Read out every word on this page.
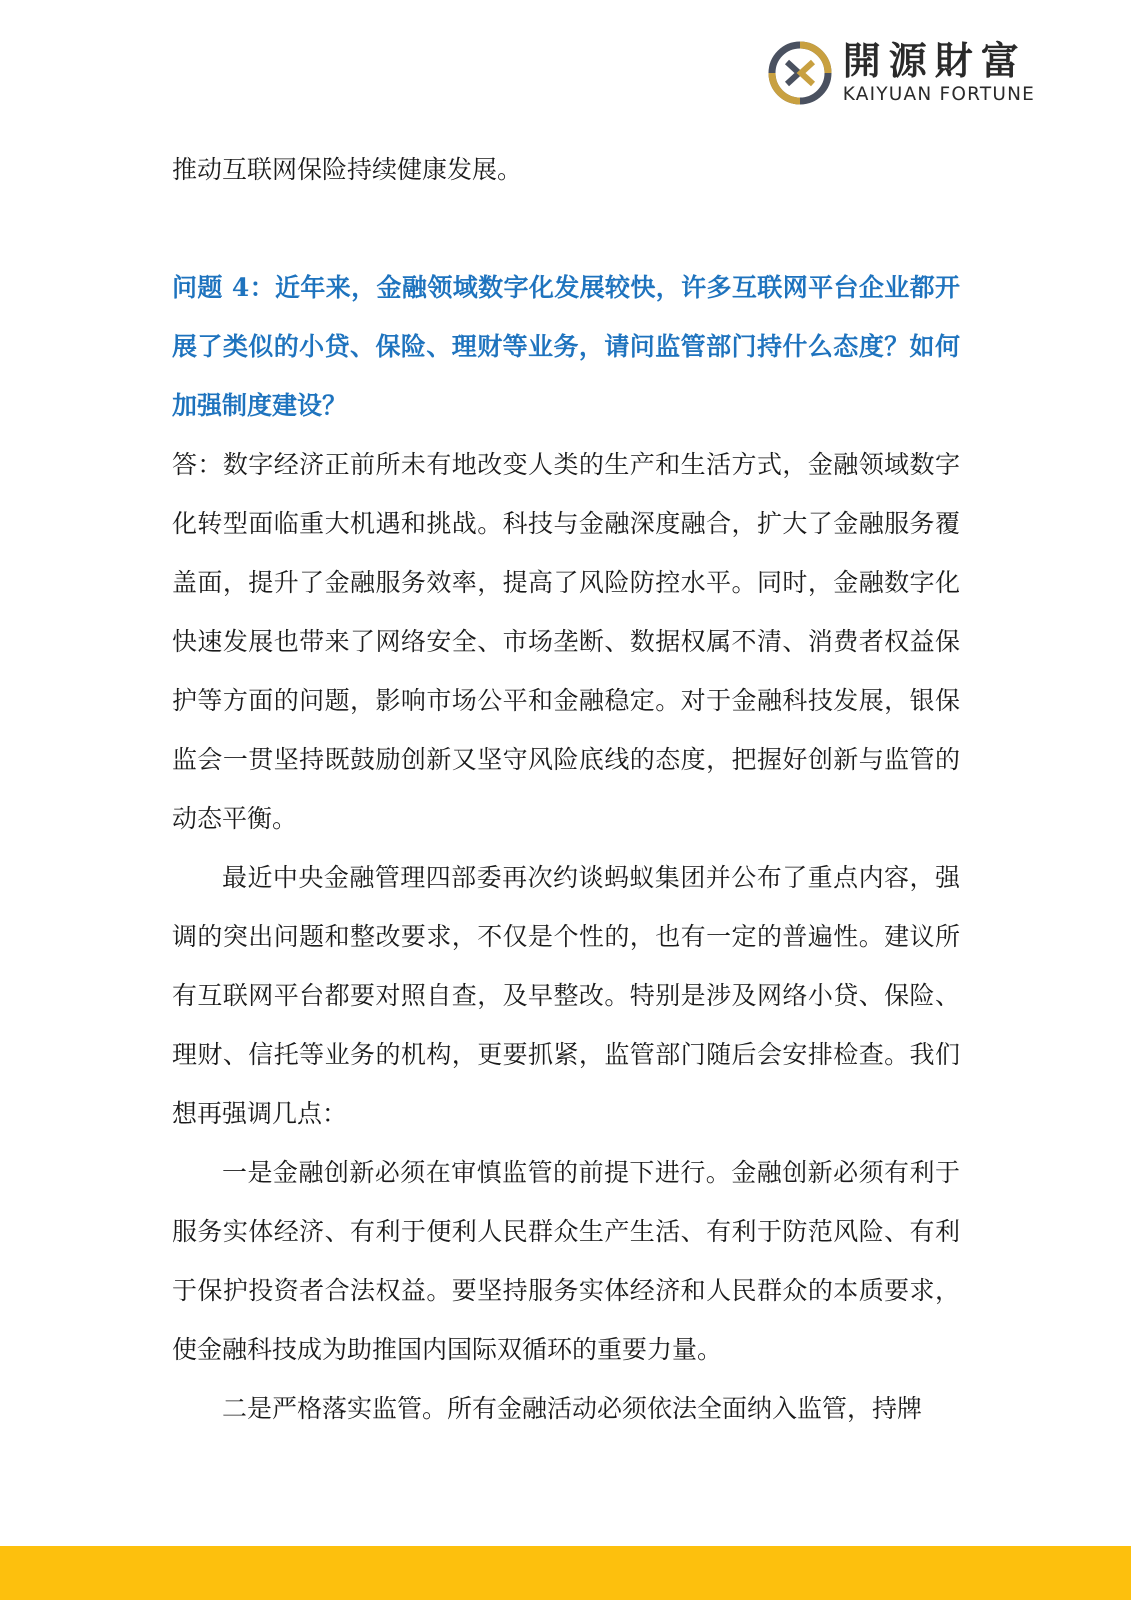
開源財富
KAIYUAN FORTUNE

推动互联网保险持续健康发展。

问题 4：近年来，金融领域数字化发展较快，许多互联网平台企业都开展了类似的小贷、保险、理财等业务，请问监管部门持什么态度？如何加强制度建设？

答：数字经济正前所未有地改变人类的生产和生活方式，金融领域数字化转型面临重大机遇和挑战。科技与金融深度融合，扩大了金融服务覆盖面，提升了金融服务效率，提高了风险防控水平。同时，金融数字化快速发展也带来了网络安全、市场垄断、数据权属不清、消费者权益保护等方面的问题，影响市场公平和金融稳定。对于金融科技发展，银保监会一贯坚持既鼓励创新又坚守风险底线的态度，把握好创新与监管的动态平衡。

最近中央金融管理四部委再次约谈蚂蚁集团并公布了重点内容，强调的突出问题和整改要求，不仅是个性的，也有一定的普遍性。建议所有互联网平台都要对照自查，及早整改。特别是涉及网络小贷、保险、理财、信托等业务的机构，更要抓紧，监管部门随后会安排检查。我们想再强调几点：

一是金融创新必须在审慎监管的前提下进行。金融创新必须有利于服务实体经济、有利于便利人民群众生产生活、有利于防范风险、有利于保护投资者合法权益。要坚持服务实体经济和人民群众的本质要求，使金融科技成为助推国内国际双循环的重要力量。

二是严格落实监管。所有金融活动必须依法全面纳入监管，持牌
